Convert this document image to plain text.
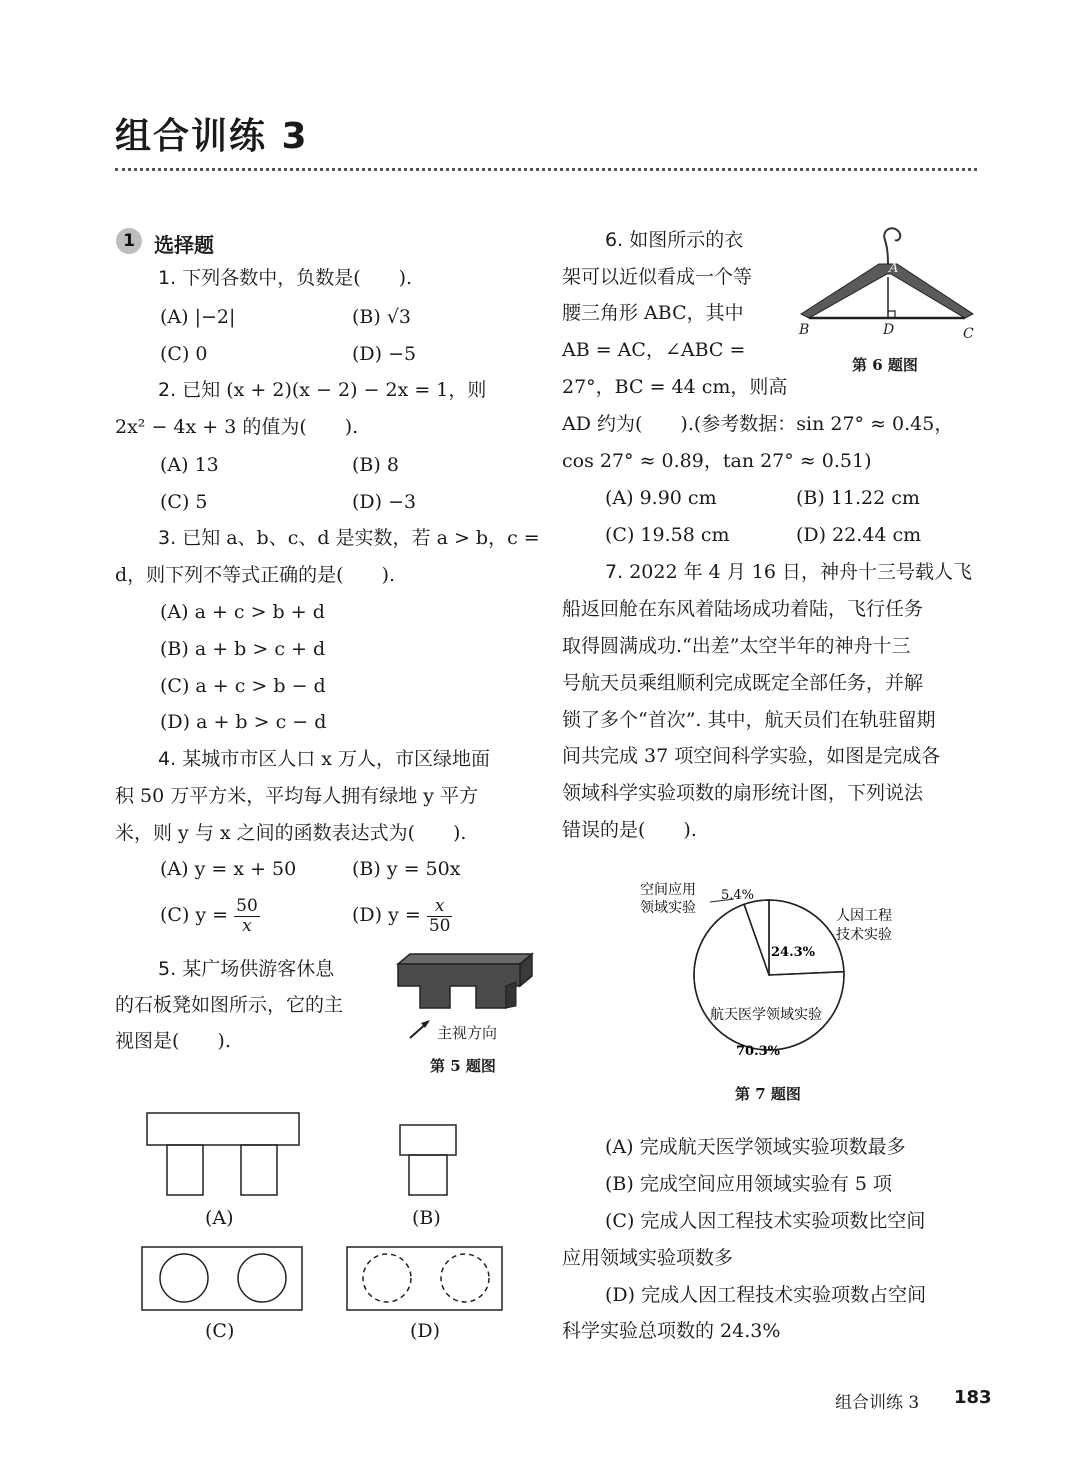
组合训练 3
1 选择题
1. 下列各数中，负数是(　　).
(A) |−2|	(B) √3
(C) 0	(D) −5
2. 已知 (x + 2)(x − 2) − 2x = 1，则
2x² − 4x + 3 的值为(　　).
(A) 13	(B) 8
(C) 5	(D) −3
3. 已知 a、b、c、d 是实数，若 a > b，c =
d，则下列不等式正确的是(　　).
(A) a + c > b + d
(B) a + b > c + d
(C) a + c > b − d
(D) a + b > c − d
4. 某城市市区人口 x 万人，市区绿地面
积 50 万平方米，平均每人拥有绿地 y 平方
米，则 y 与 x 之间的函数表达式为(　　).
(A) y = x + 50	(B) y = 50x
(C) $y = \frac{50}{x}$	(D) $y = \frac{x}{50}$
5. 某广场供游客休息
的石板凳如图所示，它的主
视图是(　　).	主视方向
第 5 题图
(A)	(B)
(C)	(D)
6. 如图所示的衣
架可以近似看成一个等
腰三角形 ABC，其中
AB = AC，∠ABC =
27°，BC = 44 cm，则高
AD 约为(　　).(参考数据：sin 27° ≈ 0.45，
cos 27° ≈ 0.89，tan 27° ≈ 0.51)
(A) 9.90 cm	(B) 11.22 cm
(C) 19.58 cm	(D) 22.44 cm
A
B	D	C
第 6 题图
7. 2022 年 4 月 16 日，神舟十三号载人飞
船返回舱在东风着陆场成功着陆，飞行任务
取得圆满成功.“出差”太空半年的神舟十三
号航天员乘组顺利完成既定全部任务，并解
锁了多个“首次”. 其中，航天员们在轨驻留期
间共完成 37 项空间科学实验，如图是完成各
领域科学实验项数的扇形统计图，下列说法
错误的是(　　).
空间应用
领域实验
5.4%
人因工程
技术实验
24.3%
航天医学领域实验
70.3%
第 7 题图
(A) 完成航天医学领域实验项数最多
(B) 完成空间应用领域实验有 5 项
(C) 完成人因工程技术实验项数比空间
应用领域实验项数多
(D) 完成人因工程技术实验项数占空间
科学实验总项数的 24.3%
组合训练 3 183
